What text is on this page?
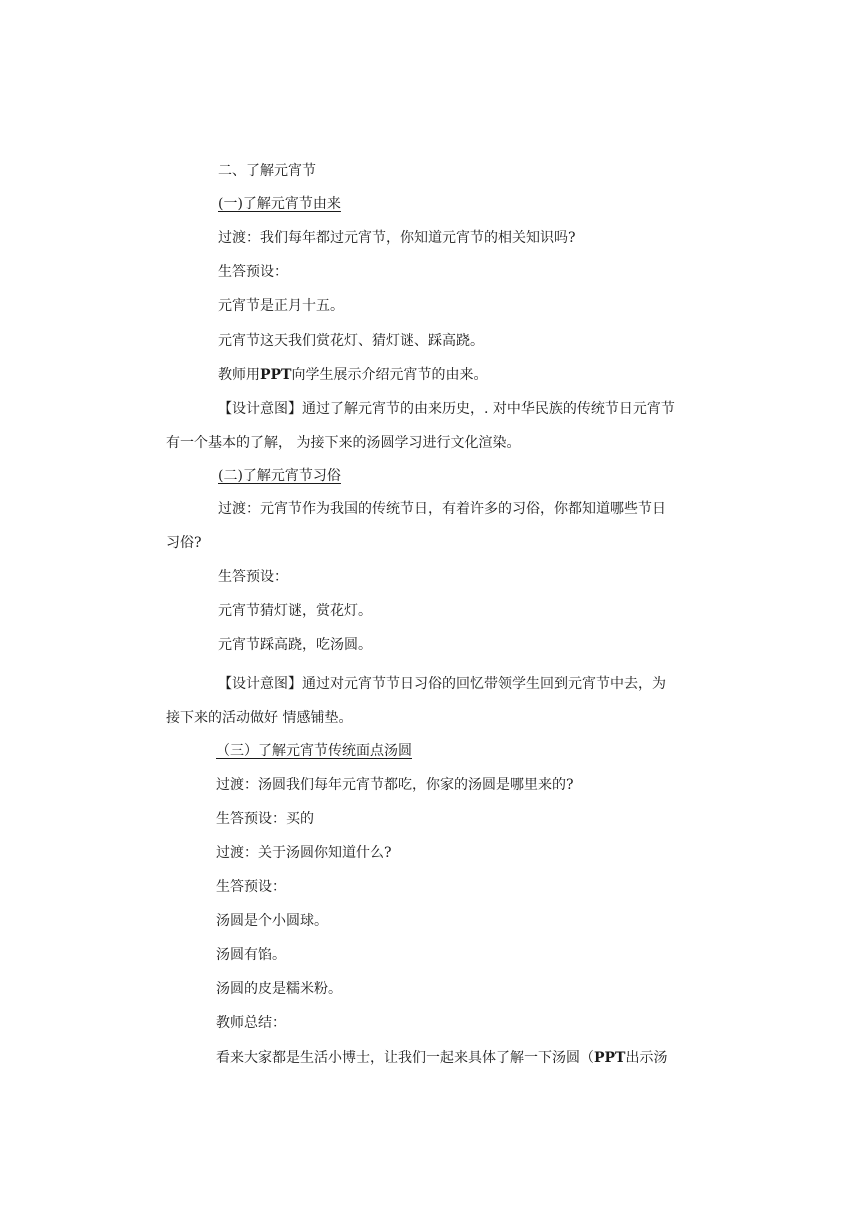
二、了解元宵节
(一)了解元宵节由来
过渡：我们每年都过元宵节，你知道元宵节的相关知识吗?
生答预设：
元宵节是正月十五。
元宵节这天我们赏花灯、猜灯谜、踩高跷。
教师用PPT向学生展示介绍元宵节的由来。
【设计意图】通过了解元宵节的由来历史，. 对中华民族的传统节日元宵节
有一个基本的了解， 为接下来的汤圆学习进行文化渲染。
(二)了解元宵节习俗
过渡：元宵节作为我国的传统节日，有着许多的习俗，你都知道哪些节日
习俗?
生答预设：
元宵节猜灯谜，赏花灯。
元宵节踩高跷，吃汤圆。
【设计意图】通过对元宵节节日习俗的回忆带领学生回到元宵节中去，为
接下来的活动做好 情感铺垫。
（三）了解元宵节传统面点汤圆
过渡：汤圆我们每年元宵节都吃，你家的汤圆是哪里来的?
生答预设：买的
过渡：关于汤圆你知道什么?
生答预设：
汤圆是个小圆球。
汤圆有馅。
汤圆的皮是糯米粉。
教师总结：
看来大家都是生活小博士，让我们一起来具体了解一下汤圆（PPT出示汤
